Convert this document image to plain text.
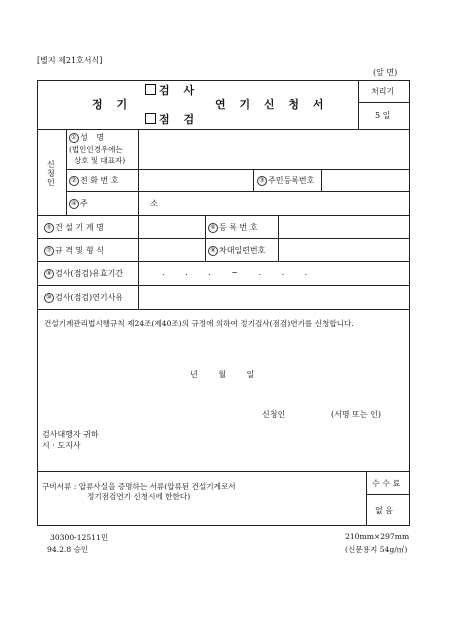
[별지 제21호서식]
(앞 면)
검 사
정 기	연 기 신 청 서
점 검
처리기
5 일
신청인
① 성 명
(법인인경우에는
상호 및 대표자)
② 전 화 번 호	③ 주민등록번호
④ 주 소
⑤ 건 설 기 계 명	⑥ 등 록 번 호
⑦ 규 격 및 형 식	⑧ 차대일련번호
⑨ 검사(점검)유효기간	. . . ~ . . .
⑩ 검사(점검)연기사유
건설기계관리법시행규칙 제24조(제40조)의 규정에 의하여 정기검사(점검)연기를 신청합니다.
년 월 일
신청인	(서명 또는 인)
검사대행자 귀하
시 · 도지사
구비서류 : 압류사실을 증명하는 서류(압류된 건설기계로서
정기점검연기 신청시에 한한다)
수 수 료
없 음
30300-12511민	210mm×297mm
94.2.8 승인	(신문용지 54g/㎡)
